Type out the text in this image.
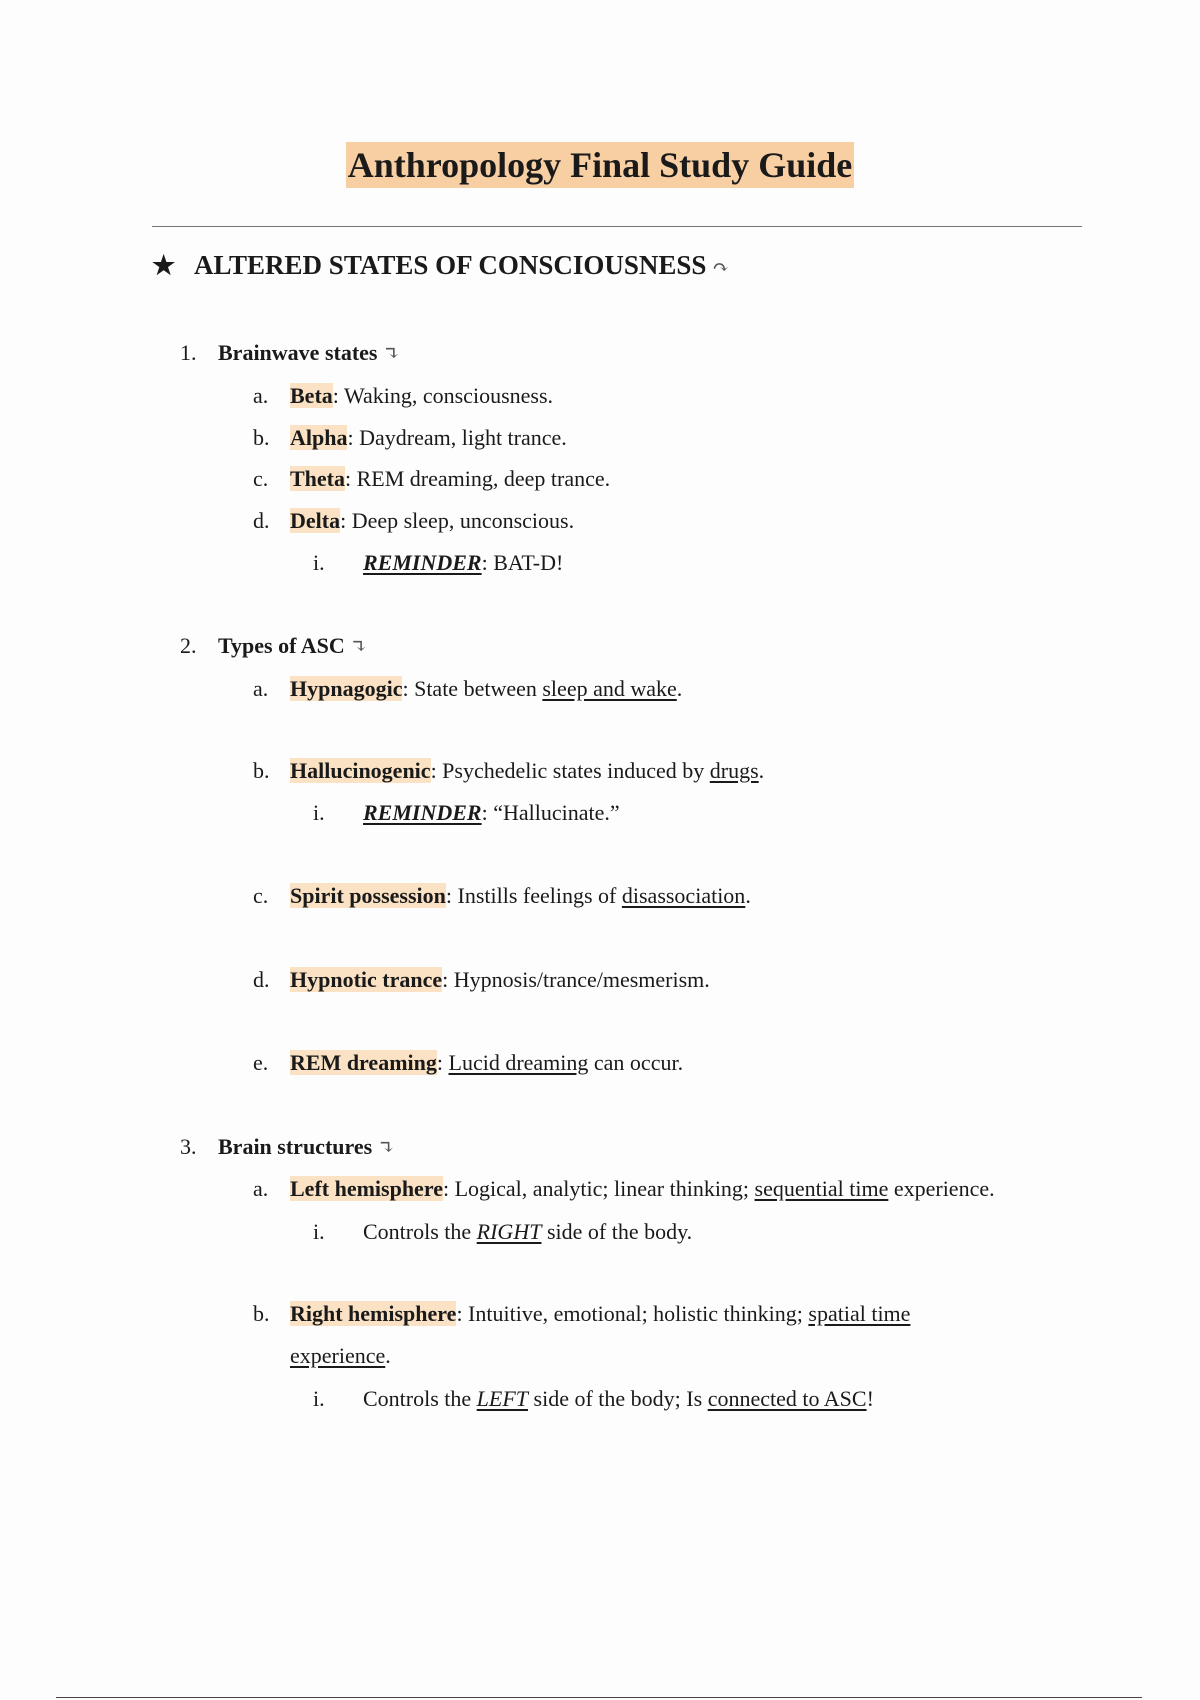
Anthropology Final Study Guide
★ ALTERED STATES OF CONSCIOUSNESS ↷
1. Brainwave states ↴
a. Beta: Waking, consciousness.
b. Alpha: Daydream, light trance.
c. Theta: REM dreaming, deep trance.
d. Delta: Deep sleep, unconscious.
i. REMINDER: BAT-D!
2. Types of ASC ↴
a. Hypnagogic: State between sleep and wake.
b. Hallucinogenic: Psychedelic states induced by drugs.
i. REMINDER: “Hallucinate.”
c. Spirit possession: Instills feelings of disassociation.
d. Hypnotic trance: Hypnosis/trance/mesmerism.
e. REM dreaming: Lucid dreaming can occur.
3. Brain structures ↴
a. Left hemisphere: Logical, analytic; linear thinking; sequential time experience.
i. Controls the RIGHT side of the body.
b. Right hemisphere: Intuitive, emotional; holistic thinking; spatial time
experience.
i. Controls the LEFT side of the body; Is connected to ASC!
